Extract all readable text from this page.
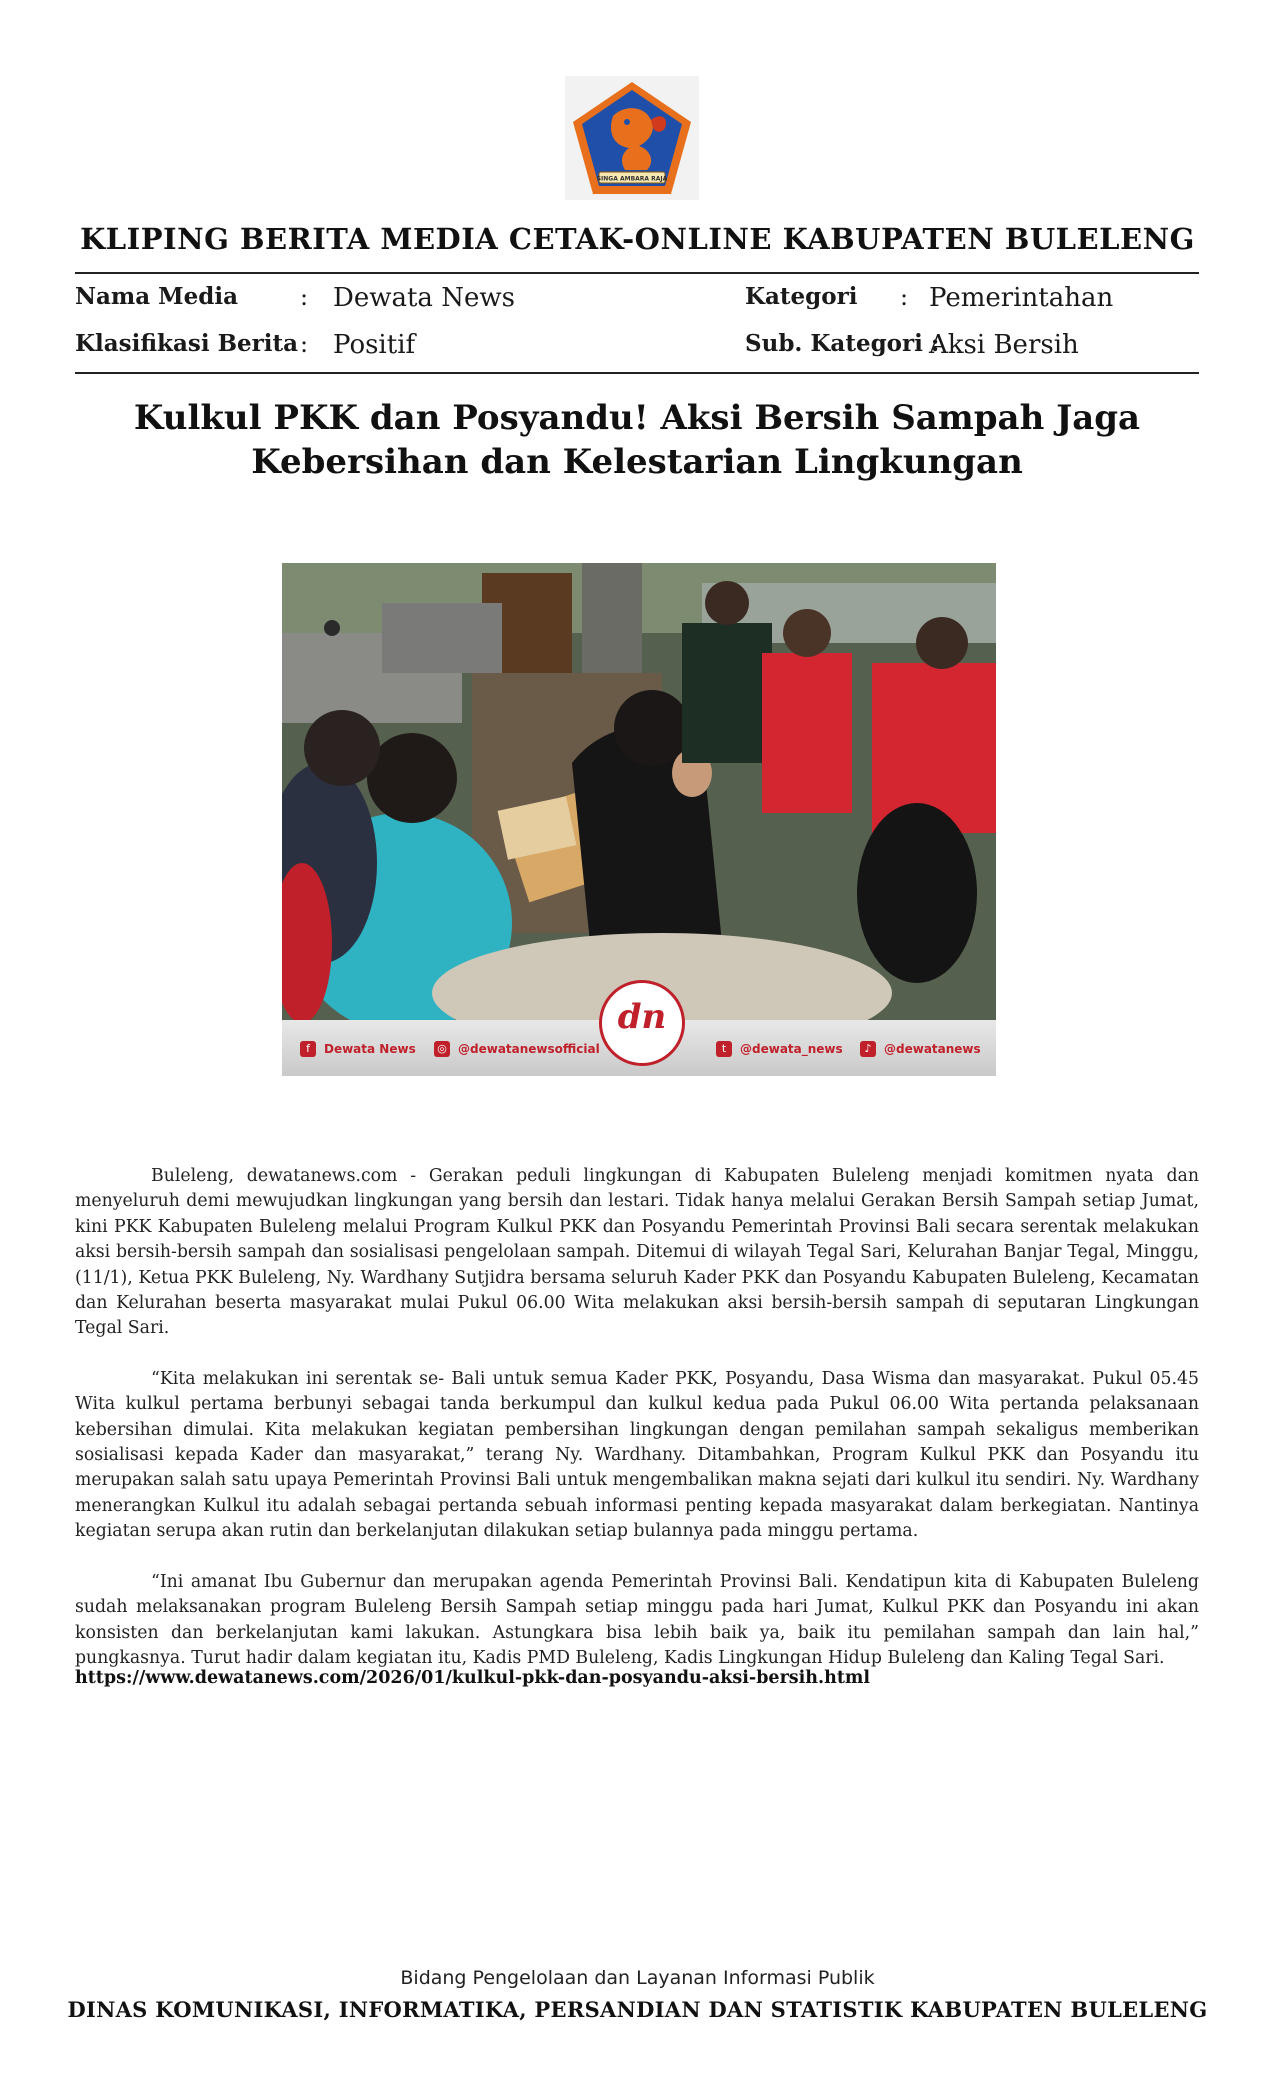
SINGA AMBARA RAJA
KLIPING BERITA MEDIA CETAK-ONLINE KABUPATEN BULELENG
Nama Media	: Dewata News	Kategori : Pemerintahan
Klasifikasi Berita : Positif	Sub. Kategori :
Aksi Bersih
Kulkul PKK dan Posyandu! Aksi Bersih Sampah Jaga Kebersihan dan Kelestarian Lingkungan
f	Dewata News ◎ @dewatanewsofficial	t	@dewata_news	♪	@dewatanews
dn

Buleleng, dewatanews.com - Gerakan peduli lingkungan di Kabupaten Buleleng menjadi komitmen nyata dan menyeluruh demi mewujudkan lingkungan yang bersih dan lestari. Tidak hanya melalui Gerakan Bersih Sampah setiap Jumat, kini PKK Kabupaten Buleleng melalui Program Kulkul PKK dan Posyandu Pemerintah Provinsi Bali secara serentak melakukan aksi bersih-bersih sampah dan sosialisasi pengelolaan sampah. Ditemui di wilayah Tegal Sari, Kelurahan Banjar Tegal, Minggu, (11/1), Ketua PKK Buleleng, Ny. Wardhany Sutjidra bersama seluruh Kader PKK dan Posyandu Kabupaten Buleleng, Kecamatan dan Kelurahan beserta masyarakat mulai Pukul 06.00 Wita melakukan aksi bersih-bersih sampah di seputaran Lingkungan Tegal Sari.

“Kita melakukan ini serentak se- Bali untuk semua Kader PKK, Posyandu, Dasa Wisma dan masyarakat. Pukul 05.45 Wita kulkul pertama berbunyi sebagai tanda berkumpul dan kulkul kedua pada Pukul 06.00 Wita pertanda pelaksanaan kebersihan dimulai. Kita melakukan kegiatan pembersihan lingkungan dengan pemilahan sampah sekaligus memberikan sosialisasi kepada Kader dan masyarakat,” terang Ny. Wardhany. Ditambahkan, Program Kulkul PKK dan Posyandu itu merupakan salah satu upaya Pemerintah Provinsi Bali untuk mengembalikan makna sejati dari kulkul itu sendiri. Ny. Wardhany menerangkan Kulkul itu adalah sebagai pertanda sebuah informasi penting kepada masyarakat dalam berkegiatan. Nantinya kegiatan serupa akan rutin dan berkelanjutan dilakukan setiap bulannya pada minggu pertama.

“Ini amanat Ibu Gubernur dan merupakan agenda Pemerintah Provinsi Bali. Kendatipun kita di Kabupaten Buleleng sudah melaksanakan program Buleleng Bersih Sampah setiap minggu pada hari Jumat, Kulkul PKK dan Posyandu ini akan konsisten dan berkelanjutan kami lakukan. Astungkara bisa lebih baik ya, baik itu pemilahan sampah dan lain hal,” pungkasnya. Turut hadir dalam kegiatan itu, Kadis PMD Buleleng, Kadis Lingkungan Hidup Buleleng dan Kaling Tegal Sari.

https://www.dewatanews.com/2026/01/kulkul-pkk-dan-posyandu-aksi-bersih.html
Bidang Pengelolaan dan Layanan Informasi Publik
DINAS KOMUNIKASI, INFORMATIKA, PERSANDIAN DAN STATISTIK KABUPATEN BULELENG
